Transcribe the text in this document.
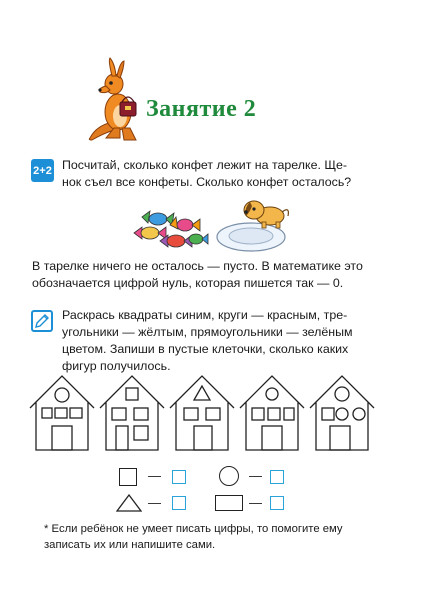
Занятие 2
2+2 Посчитай, сколько конфет лежит на тарелке. Ще-
нок съел все конфеты. Сколько конфет осталось?
В тарелке ничего не осталось — пусто. В математике это
обозначается цифрой нуль, которая пишется так — 0.
Раскрась квадраты синим, круги — красным, тре-
угольники — жёлтым, прямоугольники — зелёным
цветом. Запиши в пустые клеточки, сколько каких
фигур получилось.
—	—
—	—
* Если ребёнок не умеет писать цифры, то помогите ему
записать их или напишите сами.
